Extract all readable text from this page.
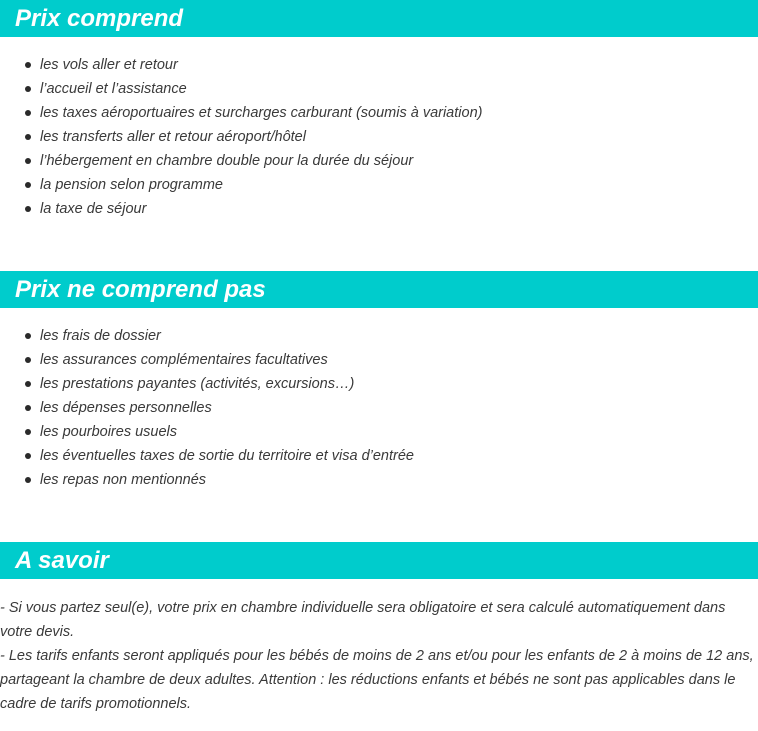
Prix comprend
les vols aller et retour
l’accueil et l’assistance
les taxes aéroportuaires et surcharges carburant (soumis à variation)
les transferts aller et retour aéroport/hôtel
l’hébergement en chambre double pour la durée du séjour
la pension selon programme
la taxe de séjour
Prix ne comprend pas
les frais de dossier
les assurances complémentaires facultatives
les prestations payantes (activités, excursions…)
les dépenses personnelles
les pourboires usuels
les éventuelles taxes de sortie du territoire et visa d’entrée
les repas non mentionnés
A savoir

- Si vous partez seul(e), votre prix en chambre individuelle sera obligatoire et sera calculé automatiquement dans votre devis.

- Les tarifs enfants seront appliqués pour les bébés de moins de 2 ans et/ou pour les enfants de 2 à moins de 12 ans, partageant la chambre de deux adultes. Attention : les réductions enfants et bébés ne sont pas applicables dans le cadre de tarifs promotionnels.
